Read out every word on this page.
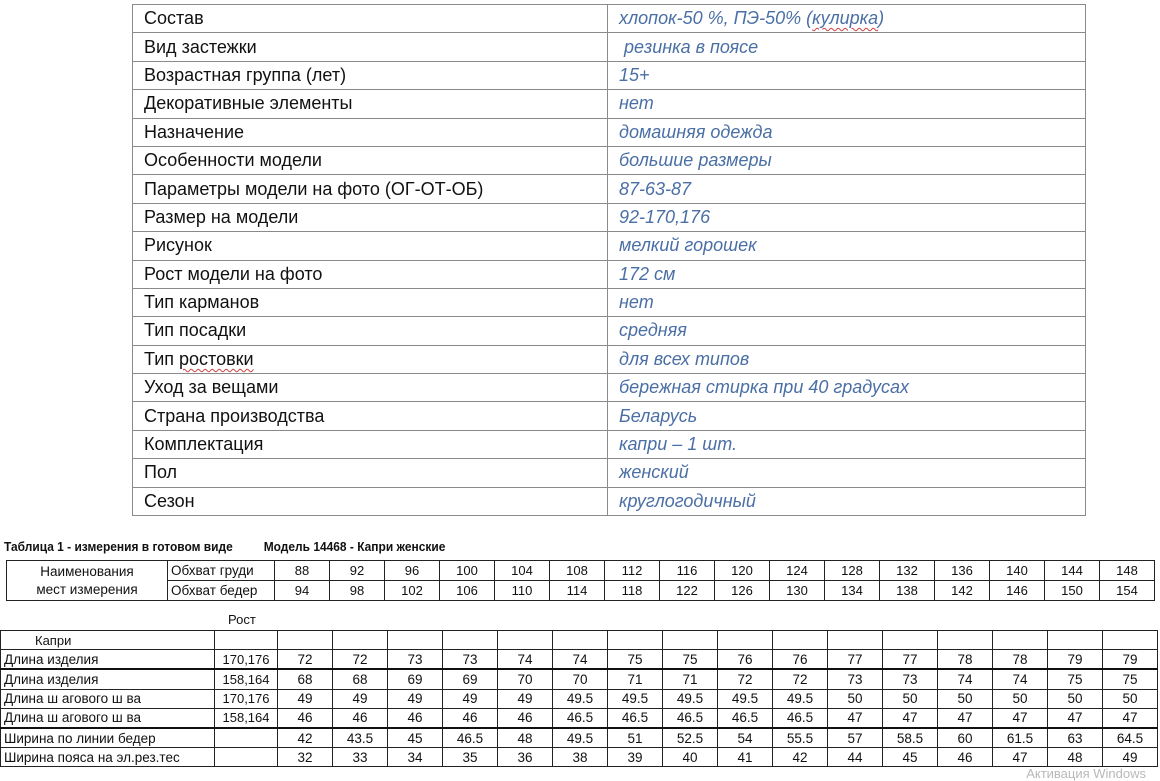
Состав	хлопок-50 %, ПЭ-50% (кулирка)
Вид застежки	резинка в поясе
Возрастная группа (лет)	15+
Декоративные элементы	нет
Назначение	домашняя одежда
Особенности модели	большие размеры
Параметры модели на фото (ОГ-ОТ-ОБ)	87-63-87
Размер на модели	92-170,176
Рисунок	мелкий горошек
Рост модели на фото	172 см
Тип карманов	нет
Тип посадки	средняя
Тип ростовки	для всех типов
Уход за вещами	бережная стирка при 40 градусах
Страна производства	Беларусь
Комплектация	капри – 1 шт.
Пол	женский
Сезон	круглогодичный
Таблица 1 - измерения в готовом виде Модель 14468 - Капри женские
Наименования
мест измерения	Обхват груди	88	92	96	100	104	108	112	116	120	124	128	132	136	140	144	148
	Обхват бедер	94	98	102	106	110	114	118	122	126	130	134	138	142	146	150	154
Рост
Капри																	
Длина изделия	170,176	72	72	73	73	74	74	75	75	76	76	77	77	78	78	79	79
Длина изделия	158,164	68	68	69	69	70	70	71	71	72	72	73	73	74	74	75	75
Длина ш агового ш ва	170,176	49	49	49	49	49	49.5	49.5	49.5	49.5	49.5	50	50	50	50	50	50
Длина ш агового ш ва	158,164	46	46	46	46	46	46.5	46.5	46.5	46.5	46.5	47	47	47	47	47	47
Ширина по линии бедер		42	43.5	45	46.5	48	49.5	51	52.5	54	55.5	57	58.5	60	61.5	63	64.5
Ширина пояса на эл.рез.тес		32	33	34	35	36	38	39	40	41	42	44	45	46	47	48	49
Активация Windows
